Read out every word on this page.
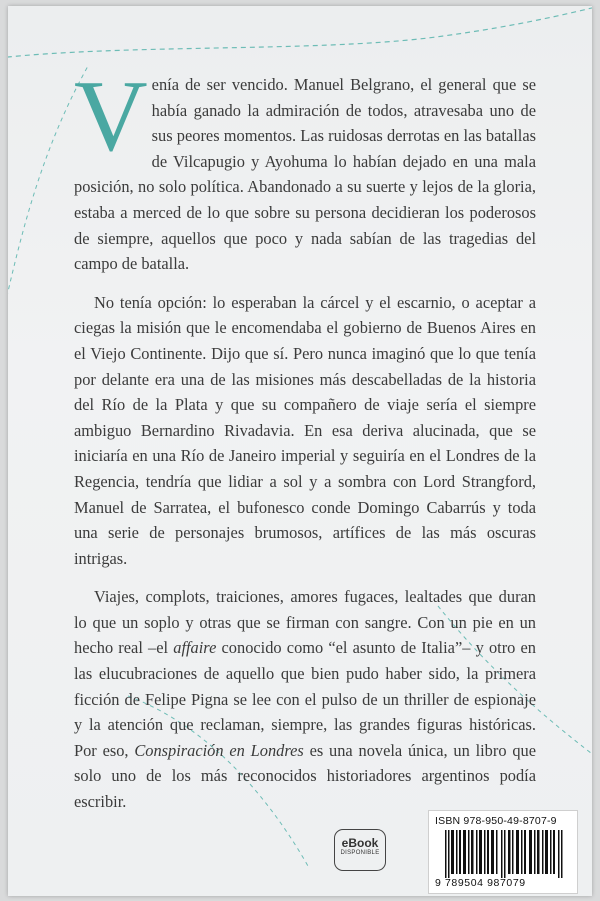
Venía de ser vencido. Manuel Belgrano, el general que se había ganado la admiración de todos, atravesaba uno de sus peores momentos. Las ruidosas derrotas en las batallas de Vilcapugio y Ayohuma lo habían dejado en una mala posición, no solo política. Abandonado a su suerte y lejos de la gloria, estaba a merced de lo que sobre su persona decidieran los poderosos de siempre, aquellos que poco y nada sabían de las tragedias del campo de batalla.

No tenía opción: lo esperaban la cárcel y el escarnio, o aceptar a ciegas la misión que le encomendaba el gobierno de Buenos Aires en el Viejo Continente. Dijo que sí. Pero nunca imaginó que lo que tenía por delante era una de las misiones más descabelladas de la historia del Río de la Plata y que su compañero de viaje sería el siempre ambiguo Bernardino Rivadavia. En esa deriva alucinada, que se iniciaría en una Río de Janeiro imperial y seguiría en el Londres de la Regencia, tendría que lidiar a sol y a sombra con Lord Strangford, Manuel de Sarratea, el bufonesco conde Domingo Cabarrús y toda una serie de personajes brumosos, artífices de las más oscuras intrigas.

Viajes, complots, traiciones, amores fugaces, lealtades que duran lo que un soplo y otras que se firman con sangre. Con un pie en un hecho real –el affaire conocido como “el asunto de Italia”– y otro en las elucubraciones de aquello que bien pudo haber sido, la primera ficción de Felipe Pigna se lee con el pulso de un thriller de espionaje y la atención que reclaman, siempre, las grandes figuras históricas. Por eso, Conspiración en Londres es una novela única, un libro que solo uno de los más reconocidos historiadores argentinos podía escribir.

eBook
DISPONIBLE
ISBN 978-950-49-8707-9
9 789504 987079
